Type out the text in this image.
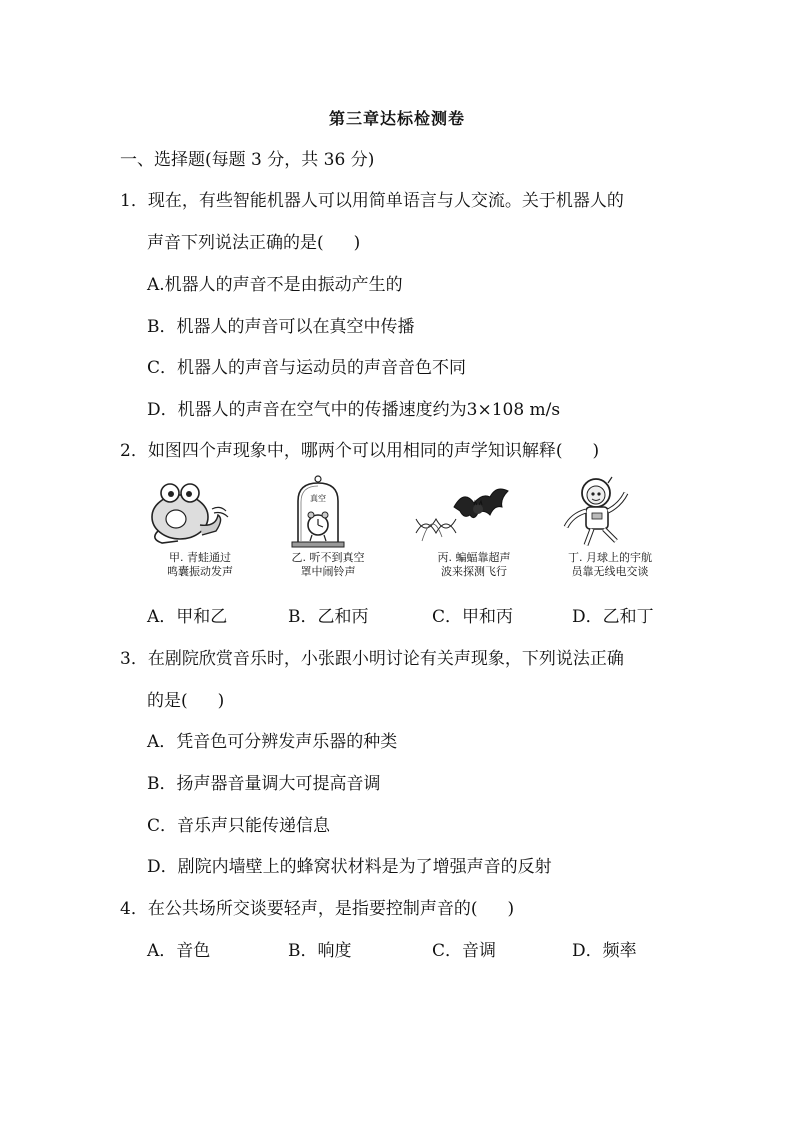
第三章达标检测卷
一、选择题(每题 3 分，共 36 分)
1．现在，有些智能机器人可以用简单语言与人交流。关于机器人的
声音下列说法正确的是( )
A.机器人的声音不是由振动产生的
B．机器人的声音可以在真空中传播
C．机器人的声音与运动员的声音音色不同
D．机器人的声音在空气中的传播速度约为3×108 m/s
2．如图四个声现象中，哪两个可以用相同的声学知识解释( )
甲. 青蛙通过
鸣囊振动发声
真空
乙. 听不到真空
罩中闹铃声
丙. 蝙蝠靠超声
波来探测飞行
丁. 月球上的宇航
员靠无线电交谈
A．甲和乙	B．乙和丙	C．甲和丙	D．乙和丁
3．在剧院欣赏音乐时，小张跟小明讨论有关声现象，下列说法正确
的是( )
A．凭音色可分辨发声乐器的种类
B．扬声器音量调大可提高音调
C．音乐声只能传递信息
D．剧院内墙壁上的蜂窝状材料是为了增强声音的反射
4．在公共场所交谈要轻声，是指要控制声音的( )
A．音色	B．响度	C．音调	D．频率
